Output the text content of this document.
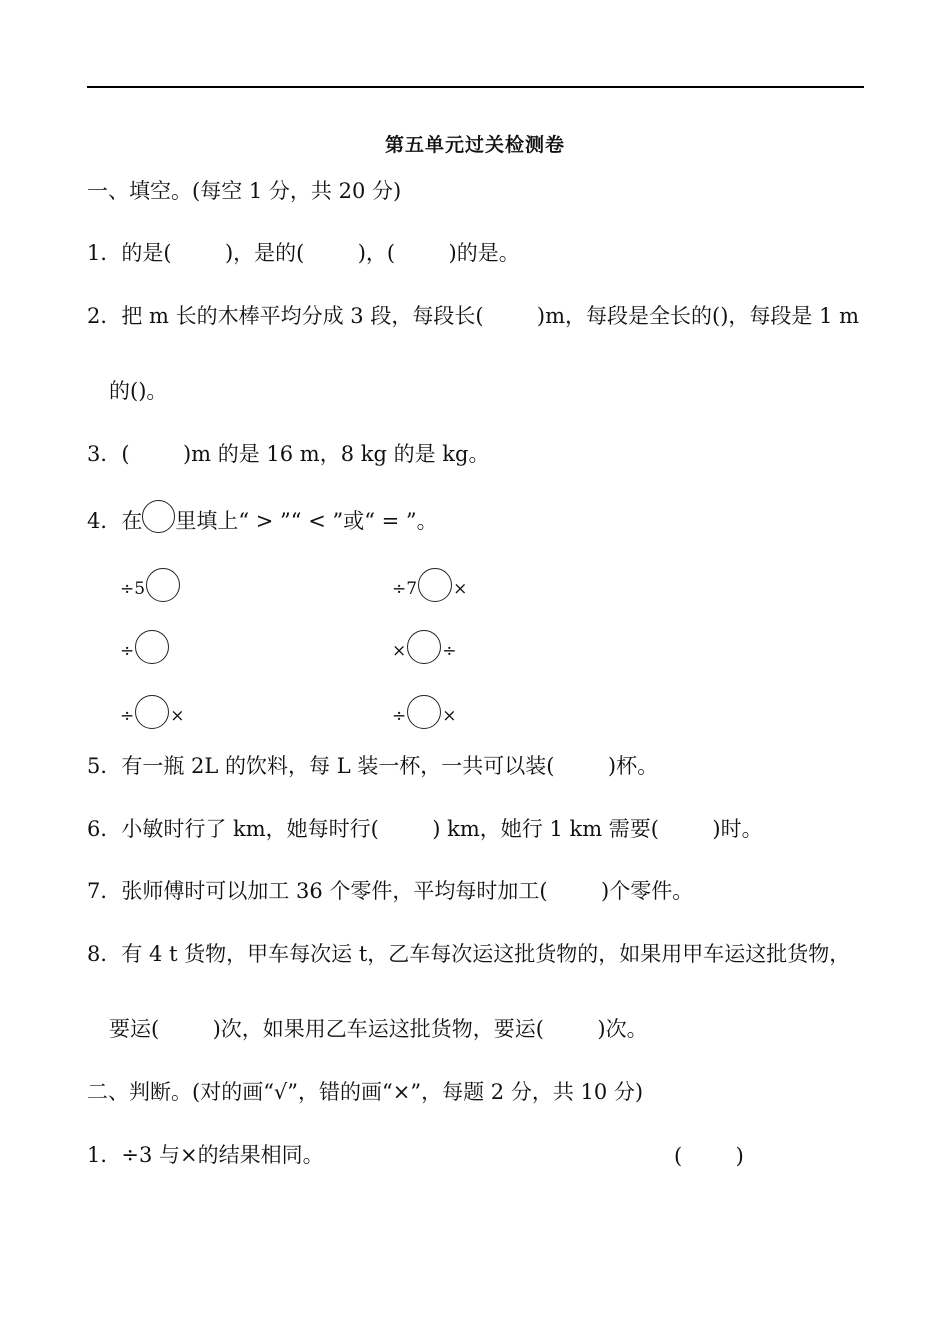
第五单元过关检测卷
一、填空。(每空 1 分，共 20 分)
1．的是(        )，是的(        )，(        )的是。
2．把 m 长的木棒平均分成 3 段，每段长(        )m，每段是全长的()，每段是 1 m
的()。
3．(        )m 的是 16 m，8 kg 的是 kg。
4．在 里填上“ > ”“ < ”或“ = ”。
÷5	÷7 ×
÷	× ÷
÷ ×	÷ ×
5．有一瓶 2L 的饮料，每 L 装一杯，一共可以装(        )杯。
6．小敏时行了 km，她每时行(        ) km，她行 1 km 需要(        )时。
7．张师傅时可以加工 36 个零件，平均每时加工(        )个零件。
8．有 4 t 货物，甲车每次运 t，乙车每次运这批货物的，如果用甲车运这批货物，
要运(        )次，如果用乙车运这批货物，要运(        )次。
二、判断。(对的画“√”，错的画“×”，每题 2 分，共 10 分)
1．÷3 与×的结果相同。	(        )
